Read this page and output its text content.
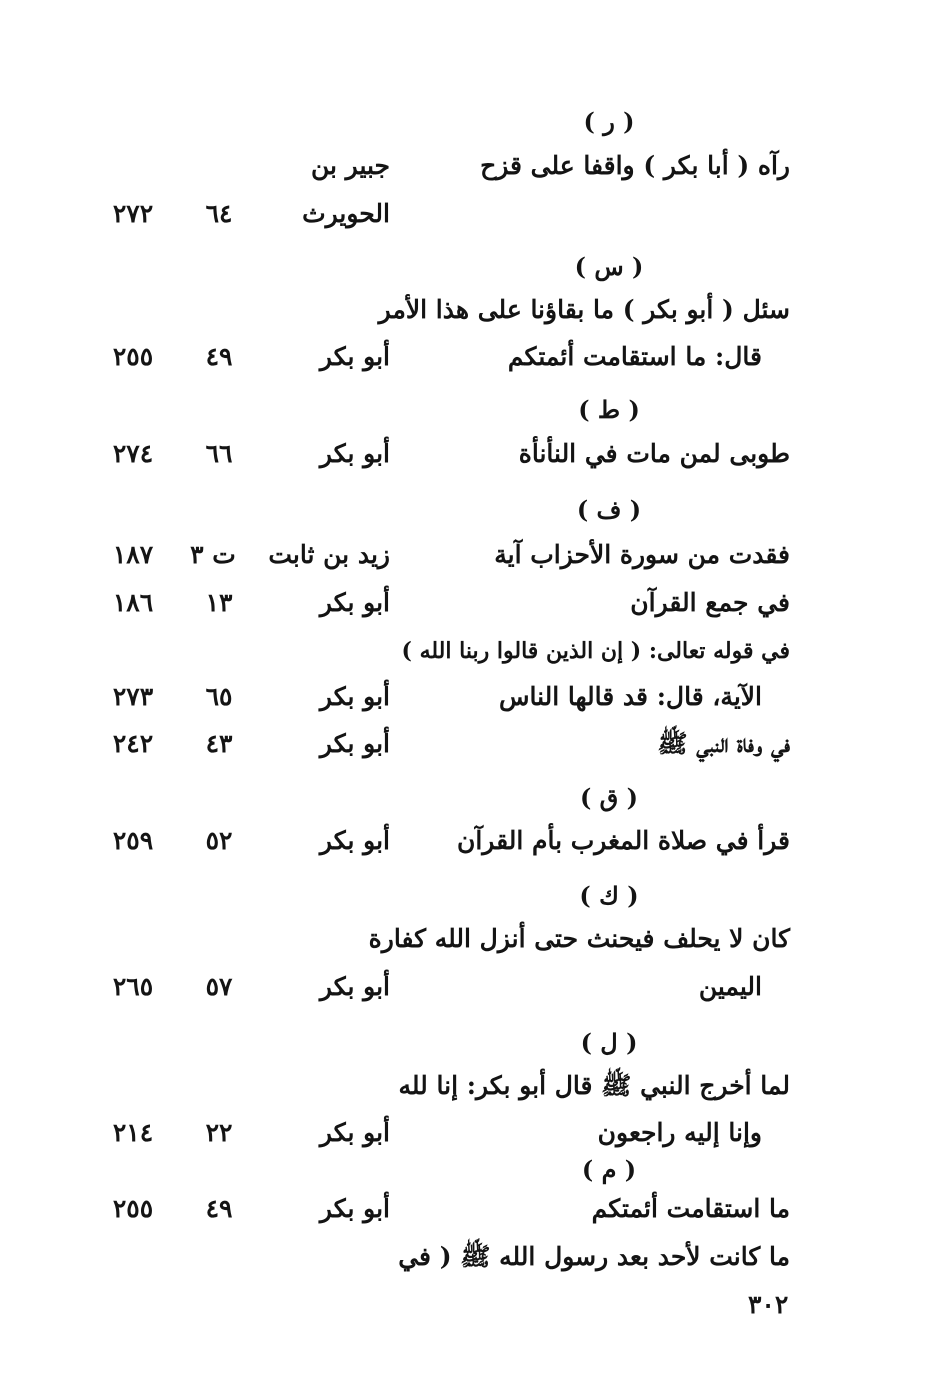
( ر )
رآه ( أبا بكر ) واقفا على قزح
جبير بن
الحويرث
٦٤
٢٧٢
( س )
سئل ( أبو بكر ) ما بقاؤنا على هذا الأمر
قال: ما استقامت أئمتكم
أبو بكر
٤٩
٢٥٥
( ط )
طوبى لمن مات في النأنأة
أبو بكر
٦٦
٢٧٤
( ف )
فقدت من سورة الأحزاب آية
زيد بن ثابت
ت ٣
١٨٧
في جمع القرآن
أبو بكر
١٣
١٨٦
في قوله تعالى: ( إن الذين قالوا ربنا الله )
الآية، قال: قد قالها الناس
أبو بكر
٦٥
٢٧٣
في وفاة النبي ﷺ
أبو بكر
٤٣
٢٤٢
( ق )
قرأ في صلاة المغرب بأم القرآن
أبو بكر
٥٢
٢٥٩
( ك )
كان لا يحلف فيحنث حتى أنزل الله كفارة
اليمين
أبو بكر
٥٧
٢٦٥
( ل )
لما أخرج النبي ﷺ قال أبو بكر: إنا لله
وإنا إليه راجعون
أبو بكر
٢٢
٢١٤
( م )
ما استقامت أئمتكم
أبو بكر
٤٩
٢٥٥
ما كانت لأحد بعد رسول الله ﷺ ( في
٣٠٢
